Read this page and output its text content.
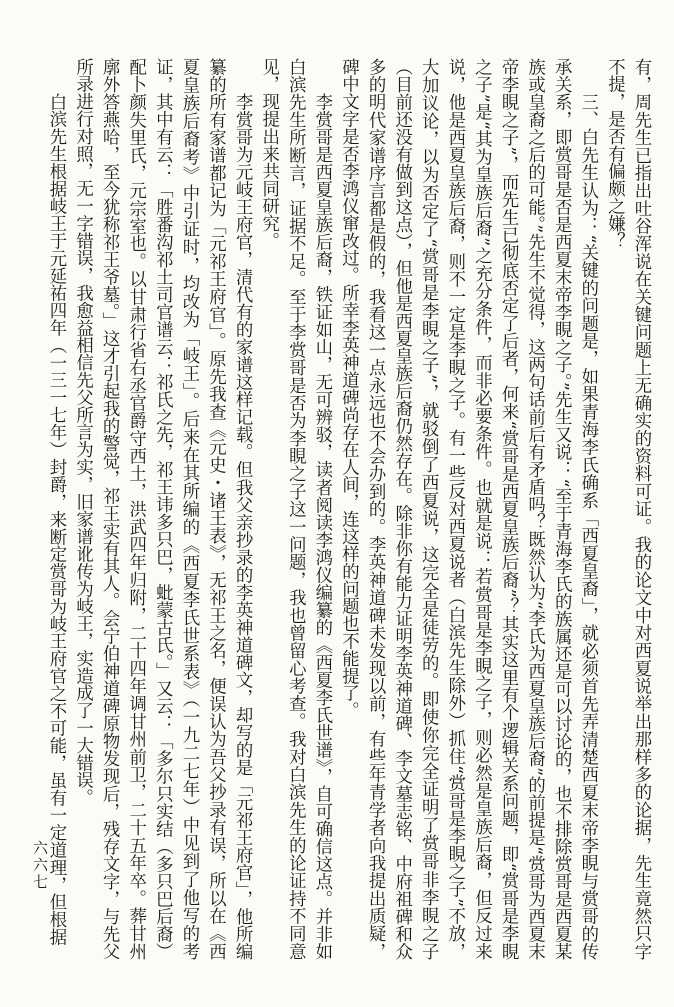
有，周先生已指出吐谷浑说在关键问题上无确实的资料可证。我的论文中对西夏说举出那样多的论据，先生竟然只字不提，是否有偏颇之嫌？

三、白先生认为：“关键的问题是，如果青海李氏确系「西夏皇裔」，就必须首先弄清楚西夏末帝李睍与赏哥的传承关系，即赏哥是否是西夏末帝李睍之子。”先生又说：“至于青海李氏的族属还是可以讨论的，也不排除赏哥是西夏某族或皇裔之后的可能。”先生不觉得，这两句话前后有矛盾吗？既然认为“李氏为西夏皇族后裔”的前提是“赏哥为西夏末帝李睍之子”，而先生已彻底否定了后者，何来“赏哥是西夏皇族后裔”？其实这里有个逻辑关系问题，即“赏哥是李睍之子”是“其为皇族后裔”之充分条件，而非必要条件。也就是说：若赏哥是李睍之子，则必然是皇族后裔，但反过来说，他是西夏皇族后裔，则不一定是李睍之子。有一些反对西夏说者（白滨先生除外）抓住“赏哥是李睍之子”不放，大加议论，以为否定了“赏哥是李睍之子”，就驳倒了西夏说，这完全是徒劳的。即使你完全证明了赏哥非李睍之子（目前还没有做到这点），但他是西夏皇族后裔仍然存在。除非你有能力证明李英神道碑、李文墓志铭、中府祖碑和众多的明代家谱序言都是假的，我看这一点永远也不会办到的。李英神道碑未发现以前，有些年青学者向我提出质疑，碑中文字是否李鸿仪窜改过。所幸李英神道碑尚存在人间，连这样的问题也不能提了。

李赏哥是西夏皇族后裔，铁证如山，无可辨驳，读者阅读李鸿仪编纂的《西夏李氏世谱》，自可确信这点。并非如白滨先生所断言，证据不足。至于李赏哥是否为李睍之子这一问题，我也曾留心考查。我对白滨先生的论证持不同意见，现提出来共同研究。

李赏哥为元岐王府官，清代有的家谱这样记载。但我父亲抄录的李英神道碑文，却写的是「元祁王府官」，他所编纂的所有家谱都记为「元祁王府官」。原先我查《元史・诸王表》，无祁王之名，便误认为吾父抄录有误，所以在《西夏皇族后裔考》中引证时，均改为「岐王」。后来在其所编的《西夏李氏世系表》（一九二七年）中见到了他写的考证，其中有云：「胜番沟祁土司官谱云：祁氏之先，祁王讳多只巴，蚍蒙古氏。」又云：「多尔只实结（多只巴后裔）配卜颜失里氏，元宗室也。以甘肃行省右丞官爵守西土，洪武四年归附，二十四年调甘州前卫，二十五年卒。葬甘州廓外答燕哈，至今犹称祁王爷墓。」这才引起我的警觉，祁王实有其人。会宁伯神道碑原物发现后，残存文字，与先父所录进行对照，无一字错误，我愈益相信先父所言为实，旧家谱讹传为岐王，实造成了一大错误。

白滨先生根据岐王于元延祐四年（一三一七年）封爵，来断定赏哥为岐王府官之不可能，虽有一定道理，但根据

六六七
